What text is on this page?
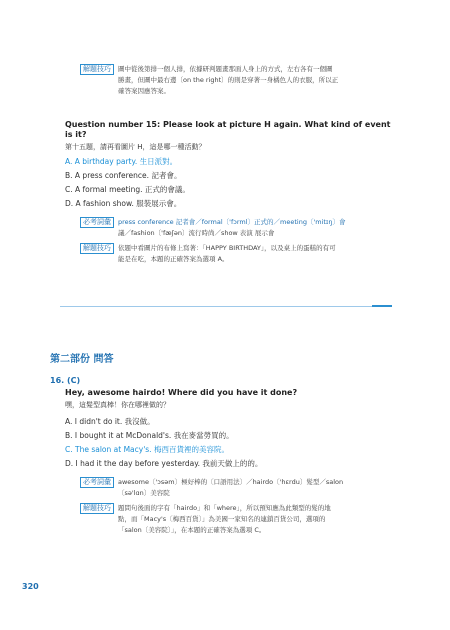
解題技巧	圖中從後第排一個人排，依據研判題畫那面人身上的方式，左右各有一個圖
勝畫，但圖中最右邊〔on the right〕的則是穿著一身橘色人的衣服，所以正
確答案因應答案。
Question number 15: Please look at picture H again. What kind of event is it?
第十五題，請再看圖片 H，這是哪一種活動？
A. A birthday party. 生日派對。
B. A press conference. 記者會。
C. A formal meeting. 正式的會議。
D. A fashion show. 服裝展示會。
必考詞彙	press conference 記者會／formal〔'fɔrml〕正式的／meeting〔'mitɪŋ〕會
議／fashion〔'fæʃən〕流行時尚／show 表演 展示會
解題技巧	依題中看圖片的布條上寫著：「HAPPY BIRTHDAY」，以及桌上的蛋糕的有可
能是在吃，本題的正確答案為選項 A。
第二部份 問答
16. (C)
Hey, awesome hairdo! Where did you have it done?
嘿，這髮型真棒！你在哪裡做的？
A. I didn't do it. 我沒做。
B. I bought it at McDonald's. 我在麥當勞買的。
C. The salon at Macy's. 梅西百貨裡的美容院。
D. I had it the day before yesterday. 我前天做上的的。
必考詞彙	awesome〔'ɔsəm〕極好棒的〔口語用法〕／hairdo〔'hɛrdu〕髮型／salon
〔sə'lɑn〕美容院
解題技巧	題問句後面的字有「hairdo」和「where」，所以預知應為此類型的髮的地
點，而「Macy's〔梅西百貨〕」為美國一家知名的連鎖百貨公司，選項的
「salon〔美容院〕」，在本題的正確答案為選項 C。
320
